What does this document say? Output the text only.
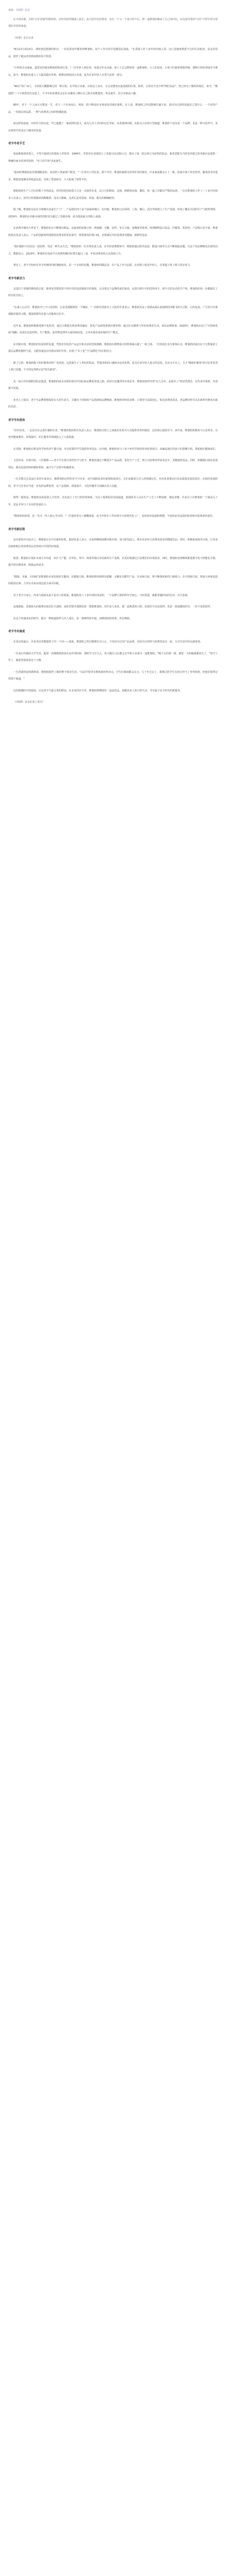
来源：《环球》杂志

在中国香港，有和"百岁老铺"的维他奶，历经风雨伴随港人成长；而大陆年轻消费者，也在一个又一个夏日的午后，把一盒维他奶喝成了自己的回忆，在包装印着的"百岁"字样中找寻着那份青春的味道。

《环球》杂志记者

"8点12分或13分，准时到达摆满的柜台，一份是要求柠檬茶和维他奶，每个工作日的早晨都固定如此。"在香港工作十多年的内地人说，这已是她再熟悉不过的生活轨迹，是这份饮品，陪伴了她从青涩到成熟的每个阶段。

"小时候去亲戚家，最常见的就是维他奶和冰红茶。"一位年轻人回忆说，每逢过年走亲戚，桌子上总会摆放着一盒维他奶，大人们说话，小孩子们就拿着吸管喝，那种豆奶的香味至今难忘。如今，维他奶也进入了大陆的超市货架、便利店和校园小卖部，成为许多年轻人日常生活的一部分。

"90后"的广州人，小时候大概都喝过同一种豆奶，在学校小卖部、在街边士多店，它总是摆放在最显眼的位置。彼时，它的名字还不叫"网红饮品"，但已经有了独特的地位。如今，"维他奶"三个字依然印在包装上，不少年轻消费者会在社交媒体上晒出自己购买的维他奶，怀念童年，也分享新品口感。

80年，对于一个人而言可能是一生，对于一个企业而言，则是一段不断适应市场变化的漫长旅程。有人说，维他奶之所以能够长盛不衰，是因为它始终知道自己要什么：一个好的产品，一份稳定的品质，一种与消费者之间的情感连接。

而这样的连接，历经岁月的沉淀，早已超越了一瓶饮料的意义，成为几代人共同的记忆坐标。从香港到内地，从街头小店到大型商超，维他奶不仅仅是一个品牌，更是一种文化符号，见证着时代的变迁与城市的发展。

老字号老手艺

谈起维他奶的创立，不得不提到它的创始人罗桂祥。1940年，罗桂祥在香港创立了香港豆品有限公司，推出了第一款以黄豆为原料的饮品。他希望能为当时营养匮乏的香港市民提供一种廉价而有营养的饮料，"穷人的牛奶"由此诞生。

"最初的维他奶是用玻璃瓶装的，由送奶工挨家挨户配送。"一位老员工回忆说，那个年代，维他奶被视为营养补充的象征，许多家庭都会订上一瓶，给家中孩子补充营养。随着技术的进步，维他奶逐渐改用纸盒包装，实现了常温保存，大大拓展了销售半径。

维他奶的生产工艺历经数十年的改良，但坚持选用优质大豆这一点始终未变。从大豆的挑选、浸泡、研磨到杀菌、灌装，每一道工序都有严格的标准。一位在维他奶工作了二十多年的技术人员表示，好的豆奶要做到香醇顺滑、没有豆腥味，这背后是对温度、时间、配比的精确把控。

据了解，维他奶目前在全球拥有多家生产工厂，产品销往四十多个国家和地区。在内地，维他奶已在深圳、上海、佛山、武汉等地建立了生产基地，形成了覆盖全国的生产与销售网络。2019年，维他奶在内地市场的营收首次超过了香港市场，成为集团最大的收入来源。

在消费升级的大背景下，维他奶也在不断推出新品。从最初的原味豆奶，到低糖、无糖、高钙、朱古力味、麦精味等系列，再到植物蛋白饮品、柠檬茶、茶饮料，产品线日益丰富。维他奶相关负责人表示，产品的创新始终围绕着消费者的需求展开，既要保持经典口味，也要满足年轻消费者对健康、新鲜的追求。

"我们做的不仅仅是一款饮料，更是一种生活方式。"维他奶的一位市场负责人说，在年轻消费群体中，维他奶通过联名包装、限量口味等方式不断制造话题，让这个老品牌焕发出新的活力。数据显示，2020年，维他奶在电商平台的销售额同比增长超过三成，年轻消费者的占比持续上升。

事实上，老字号如何在坚守传统的同时拥抱变化，是一个永恒的话题。维他奶的做法是：在产品上坚守品质，在营销上贴近年轻人，在渠道上线上线下同步发力。

老字号新活力

走进位于香港的维他奶总部，陈列室里摆放着不同年代的包装瓶和宣传海报，记录着这个品牌的成长轨迹。从黑白照片中的送奶单车，到今天的自动化生产线，维他奶的每一步都踩在了时代的节拍上。

"在港人心目中，维他奶早已不只是饮料，它是香港精神的一个缩影。"一位研究香港本土文化的学者表示，维他奶见证了香港从战后重建到经济腾飞的全过程，它的包装、广告语乃至玻璃瓶回收的习惯，都深深烙印在港人的集体记忆中。

近年来，维他奶积极推进数字化转型。通过大数据分析消费者偏好，优化产品研发和供应链管理；通过社交媒体与年轻消费者互动，讲好品牌故事。2020年，维他奶启动了"可持续发展"战略，承诺在包装材料、生产能耗、废弃物处理等方面持续改进，力争实现更加环保的生产模式。

在内地市场，维他奶的发展同样迅速。凭借差异化的产品定位和灵活的营销策略，维他奶在植物蛋白饮料领域占据了一席之地。一位快消行业分析师认为，维他奶的成功在于它既保留了港式品牌的独特气质，又能快速适应内地市场的节奏，实现了"本土化"与"品牌化"的有机结合。

除了豆奶，维他奶旗下的柠檬茶同样广受欢迎。这款诞生于上世纪的饮品，凭借清爽的口感和亲民的价格，成为许多年轻人夏日的首选。在社交平台上，关于"维他柠檬茶"的讨论常常登上热门话题，不少网友笑称它是"快乐源泉"。

从一间小作坊到跨国饮品集团，维他奶的成长历程折射出中国民族品牌的发展之路。面对日益激烈的市场竞争，维他奶始终坚持"以人为本、品质至上"的经营理念，在传承中创新，在创新中发展。

业内人士指出，老字号品牌要想保持长久的生命力，关键在于持续的产品创新和品牌焕新。维他奶的经验表明，只要坚守品质初心、贴近消费者需求，老品牌同样可以在新时代焕发出新的光彩。

老字号有使命

"好的企业，一定是有社会责任感的企业。"维他奶集团相关负责人表示，维他奶自创立之初就肩负着为大众提供营养的使命，这份初心延续至今。多年来，维他奶积极参与公益事业，在营养健康教育、环境保护、社区服务等领域投入了大量资源。

在香港，维他奶长期支持学校营养午餐计划，为有需要的学生提供营养饮品；在内地，维他奶参与了多个乡村学校的营养改善项目，向偏远地区的孩子们捐赠豆奶，帮助他们健康成长。

文化传承、市场开拓、工匠精神——老字号有着自身的坚守与担当。维他奶通过不断提升产品品质、优化生产工艺，努力为消费者带来更安全、更健康的饮品；同时，积极践行绿色发展理念，推动包装材料的循环利用，减少生产过程中的碳排放。

一位长期关注食品行业的专家表示，像维他奶这样的老字号企业，是中国制造业的重要组成部分。它们承载着几代人的情感记忆，也肩负着推动行业高质量发展的责任。在新的发展阶段，老字号企业应当进一步发挥品牌优势，在产品创新、质量提升、文化传播等方面做出更大贡献。

值得一提的是，维他奶高度重视人才培养。企业设立了专门的培训体系，为员工提供职业发展通道，鼓励技术人员在生产工艺上不断钻研、精益求精。许多员工在维他奶一干就是几十年，见证并参与了企业的发展壮大。

"维他奶的故事，是一代又一代人用心书写的。"一位退休老员工感慨地说，从当年的手工作坊到今天的现代化工厂，变化的是设备和规模，不变的是对品质的执着和对消费者的责任。

老字号新征程

站在新的历史起点上，维他奶正在开启新的征程。集团负责人表示，未来将继续深耕内地市场，加大研发投入，推出更多符合消费者需求的健康饮品；同时，积极拓展海外市场，让更多国家和地区的消费者品尝到来自中国的好味道。

据悉，维他奶计划在未来几年内进一步扩大产能，在华东、华中、西南等地区布局新的生产基地，以更好地满足日益增长的市场需求。同时，维他奶也将继续推进数字化与智能化升级，提升供应链效率，降低运营成本。

"健康、美味、可持续"是维他奶未来发展的关键词。在健康方面，维他奶将持续推出低糖、无糖及功能性产品；在美味方面，将不断探索新的口味组合；在可持续方面，将加大环保包装的使用比例，力争在未来实现包装全面可回收。

对于老字号而言，传承与创新从来不是对立的两面。维他奶用八十多年的时间证明，一个品牌只要始终坚守初心、与时俱进，就能穿越时间的长河，历久弥新。

夜幕降临，香港街头的便利店依旧灯火通明，冰柜里整齐地摆放着一排排维他奶。对许多人来说，那一盒熟悉的豆奶，装着的不仅是饮料，更是一段温暖的时光、一份不变的陪伴。

在这个快速变化的时代，能有一种味道陪伴几代人成长，是一种难得的幸福。而维他奶的故事，仍在继续。

老字号有温度

在采访的最后，许多受访者都提到了同一个词——温度。维他奶之所以能够打动人心，不仅因为它的产品品质，更因为它始终与消费者站在一起，分享生活中的点滴喜悦。

一位来自内地的大学生说，她第一次喝维他奶是在高中的时候，那时学习压力大，每天晚自习后都会去学校小卖部买一盒维他奶，"喝下去的那一刻，感觉一天的疲惫都消失了。"如今工作了，她依然保留着这个习惯。

一位香港的退休教师说，维他奶陪伴了她的整个职业生涯。"以前学校里有维他奶的售卖点，学生们课间都会去买。几十年过去了，我教过的学生有的已经当了爷爷奶奶，但他们依然记得那个味道。"

这份跨越时空的温度，正是老字号最宝贵的财富。在未来的岁月里，维他奶将继续用一盒盒饮品，温暖更多人的日常生活，书写属于这个时代的新篇章。

（《环球》杂志记者 / 采写）
